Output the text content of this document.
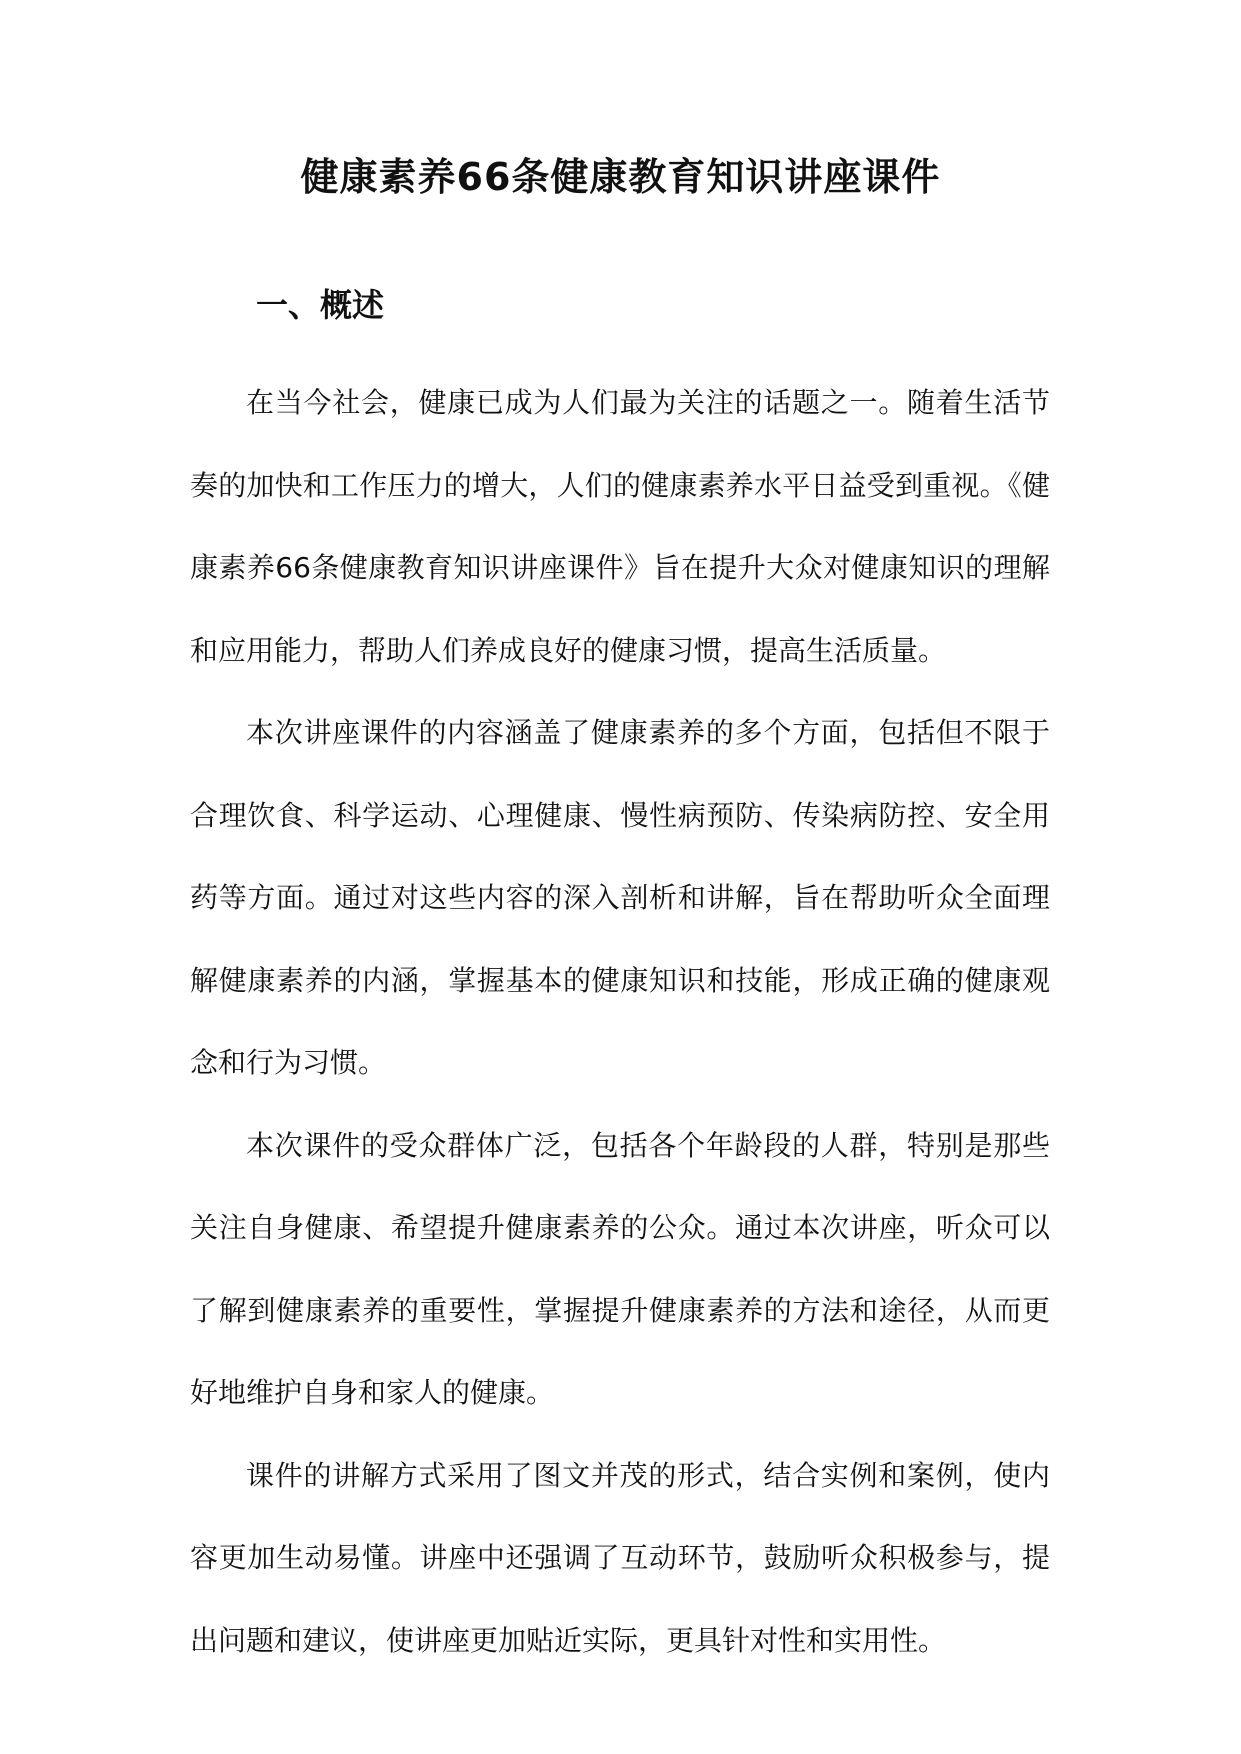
健康素养66条健康教育知识讲座课件
一、概述

在当今社会，健康已成为人们最为关注的话题之一。随着生活节奏的加快和工作压力的增大，人们的健康素养水平日益受到重视。《健康素养66条健康教育知识讲座课件》旨在提升大众对健康知识的理解和应用能力，帮助人们养成良好的健康习惯，提高生活质量。

本次讲座课件的内容涵盖了健康素养的多个方面，包括但不限于合理饮食、科学运动、心理健康、慢性病预防、传染病防控、安全用药等方面。通过对这些内容的深入剖析和讲解，旨在帮助听众全面理解健康素养的内涵，掌握基本的健康知识和技能，形成正确的健康观念和行为习惯。

本次课件的受众群体广泛，包括各个年龄段的人群，特别是那些关注自身健康、希望提升健康素养的公众。通过本次讲座，听众可以了解到健康素养的重要性，掌握提升健康素养的方法和途径，从而更好地维护自身和家人的健康。

课件的讲解方式采用了图文并茂的形式，结合实例和案例，使内容更加生动易懂。讲座中还强调了互动环节，鼓励听众积极参与，提出问题和建议，使讲座更加贴近实际，更具针对性和实用性。
